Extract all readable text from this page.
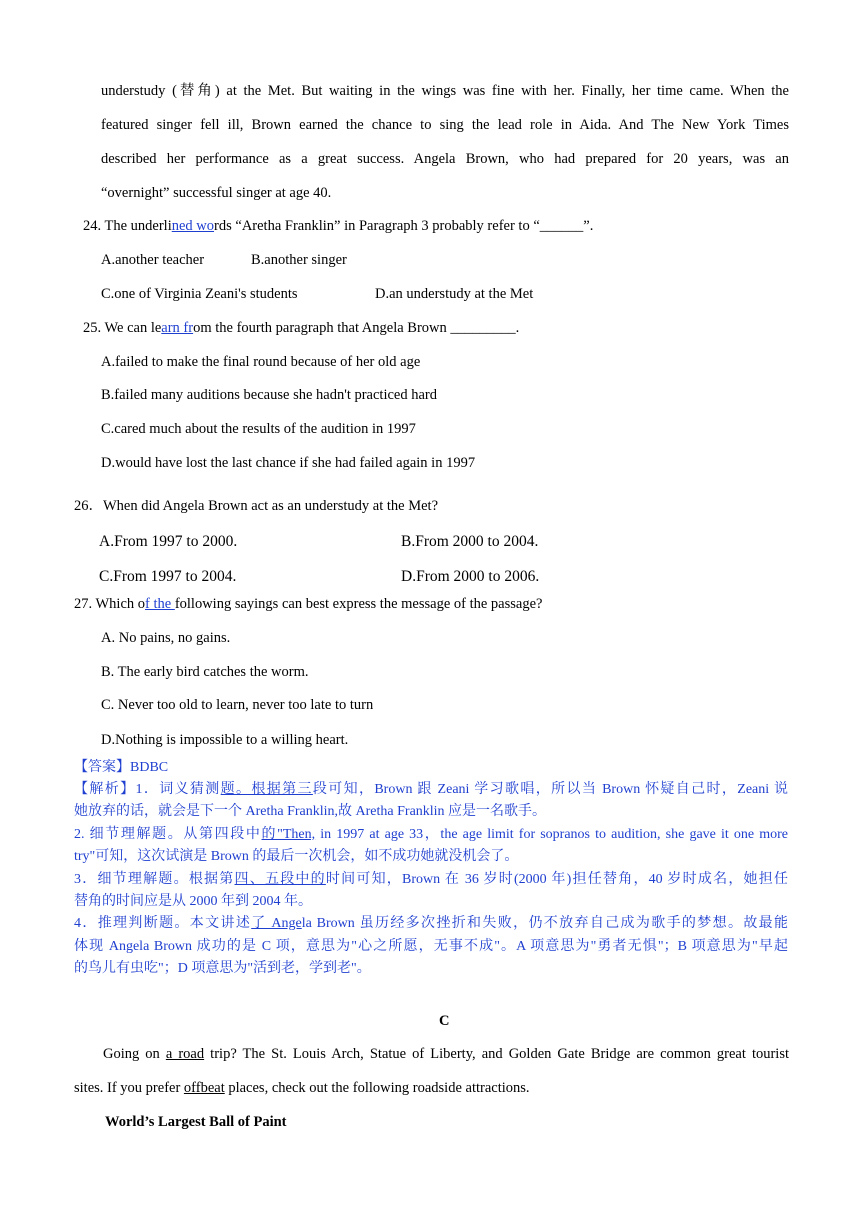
understudy (替角) at the Met. But waiting in the wings was fine with her. Finally, her time came. When the
featured singer fell ill, Brown earned the chance to sing the lead role in Aida. And The New York Times
described her performance as a great success. Angela Brown, who had prepared for 20 years, was an
“overnight” successful singer at age 40.
24. The underlined words “Aretha Franklin” in Paragraph 3 probably refer to “______”.
A.another teacher	B.another singer
C.one of Virginia Zeani's students	D.an understudy at the Met
25. We can learn from the fourth paragraph that Angela Brown _________.
A.failed to make the final round because of her old age
B.failed many auditions because she hadn't practiced hard
C.cared much about the results of the audition in 1997
D.would have lost the last chance if she had failed again in 1997
26．When did Angela Brown act as an understudy at the Met?
A.From 1997 to 2000.	B.From 2000 to 2004.
C.From 1997 to 2004.	D.From 2000 to 2006.
27. Which of the following sayings can best express the message of the passage?
A. No pains, no gains.
B. The early bird catches the worm.
C. Never too old to learn, never too late to turn
D.Nothing is impossible to a willing heart.
【答案】BDBC
【解析】1．词义猜测题。根据第三段可知，Brown 跟 Zeani 学习歌唱，所以当 Brown 怀疑自己时，Zeani 说
她放弃的话，就会是下一个 Aretha Franklin,故 Aretha Franklin 应是一名歌手。
2. 细节理解题。从第四段中的"Then, in 1997 at age 33，the age limit for sopranos to audition, she gave it one more
try"可知，这次试演是 Brown 的最后一次机会，如不成功她就没机会了。
3．细节理解题。根据第四、五段中的时间可知，Brown 在 36 岁时(2000 年)担任替角，40 岁时成名，她担任
替角的时间应是从 2000 年到 2004 年。
4．推理判断题。本文讲述了 Angela Brown 虽历经多次挫折和失败，仍不放弃自己成为歌手的梦想。故最能
体现 Angela Brown 成功的是 C 项，意思为"心之所愿，无事不成"。A 项意思为"勇者无惧"；B 项意思为"早起
的鸟儿有虫吃"；D 项意思为"活到老，学到老"。
C
Going on a road trip? The St. Louis Arch, Statue of Liberty, and Golden Gate Bridge are common great tourist
sites. If you prefer offbeat places, check out the following roadside attractions.
World’s Largest Ball of Paint
